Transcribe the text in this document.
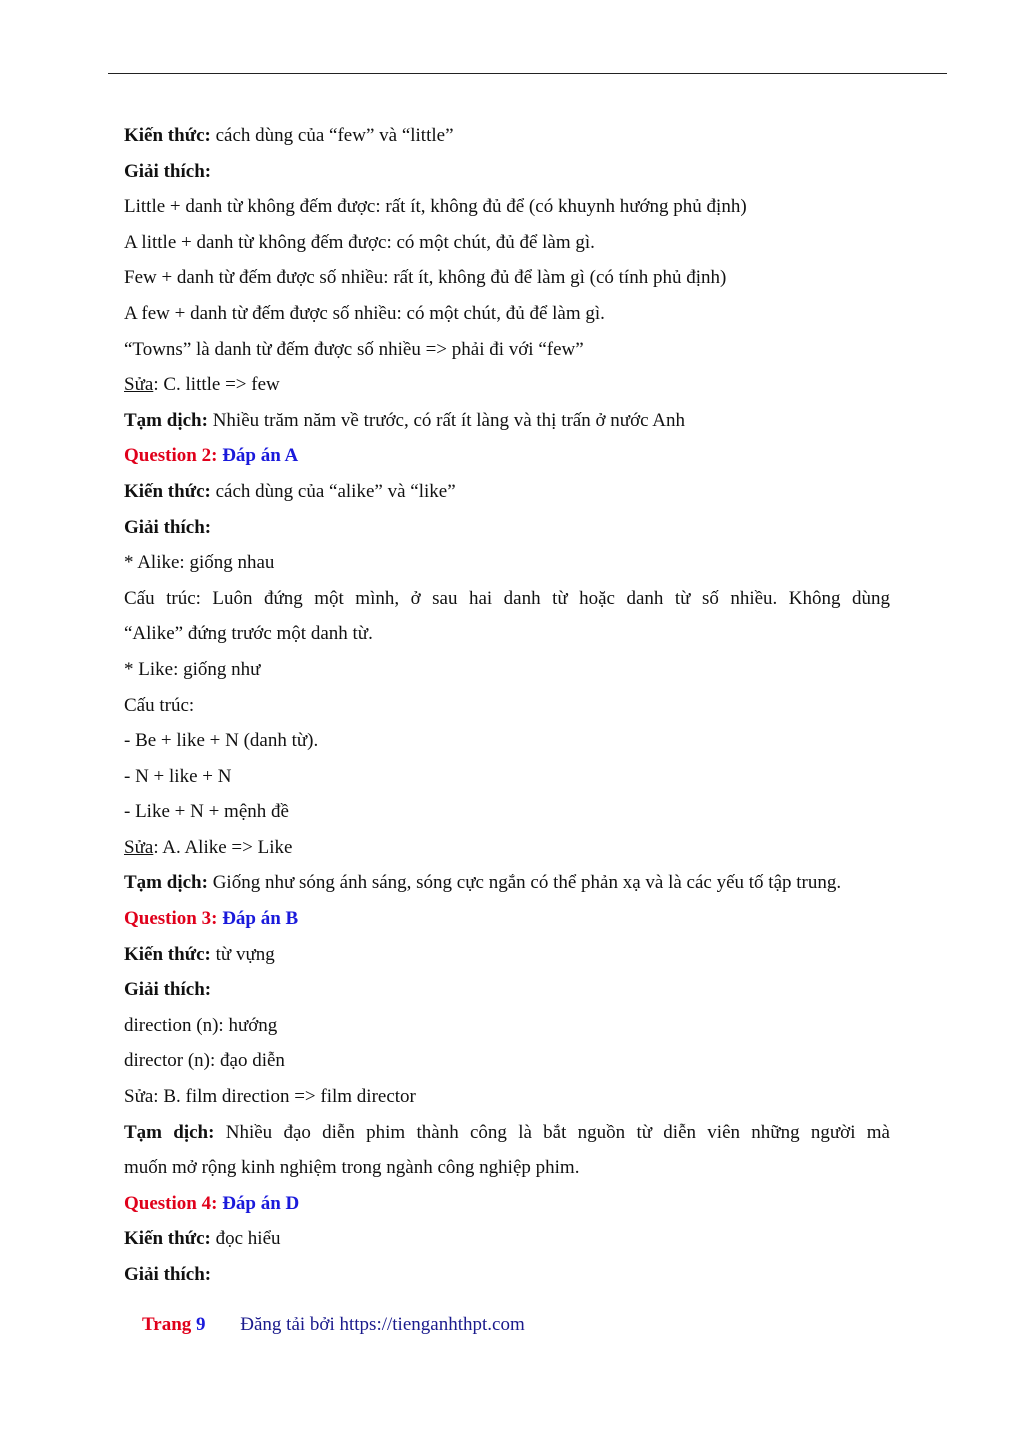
Kiến thức: cách dùng của “few” và “little”
Giải thích:
Little + danh từ không đếm được: rất ít, không đủ để (có khuynh hướng phủ định)
A little + danh từ không đếm được: có một chút, đủ để làm gì.
Few + danh từ đếm được số nhiều: rất ít, không đủ để làm gì (có tính phủ định)
A few + danh từ đếm được số nhiều: có một chút, đủ để làm gì.
“Towns” là danh từ đếm được số nhiều => phải đi với “few”
Sửa: C. little => few
Tạm dịch: Nhiều trăm năm về trước, có rất ít làng và thị trấn ở nước Anh
Question 2: Đáp án A
Kiến thức: cách dùng của “alike” và “like”
Giải thích:
* Alike: giống nhau
Cấu trúc: Luôn đứng một mình, ở sau hai danh từ hoặc danh từ số nhiều. Không dùng
“Alike” đứng trước một danh từ.
* Like: giống như
Cấu trúc:
- Be + like + N (danh từ).
- N + like + N
- Like + N + mệnh đề
Sửa: A. Alike => Like
Tạm dịch: Giống như sóng ánh sáng, sóng cực ngắn có thể phản xạ và là các yếu tố tập trung.
Question 3: Đáp án B
Kiến thức: từ vựng
Giải thích:
direction (n): hướng
director (n): đạo diễn
Sửa: B. film direction => film director
Tạm dịch: Nhiều đạo diễn phim thành công là bắt nguồn từ diễn viên những người mà
muốn mở rộng kinh nghiệm trong ngành công nghiệp phim.
Question 4: Đáp án D
Kiến thức: đọc hiểu
Giải thích:
Trang 9 Đăng tải bởi https://tienganhthpt.com
